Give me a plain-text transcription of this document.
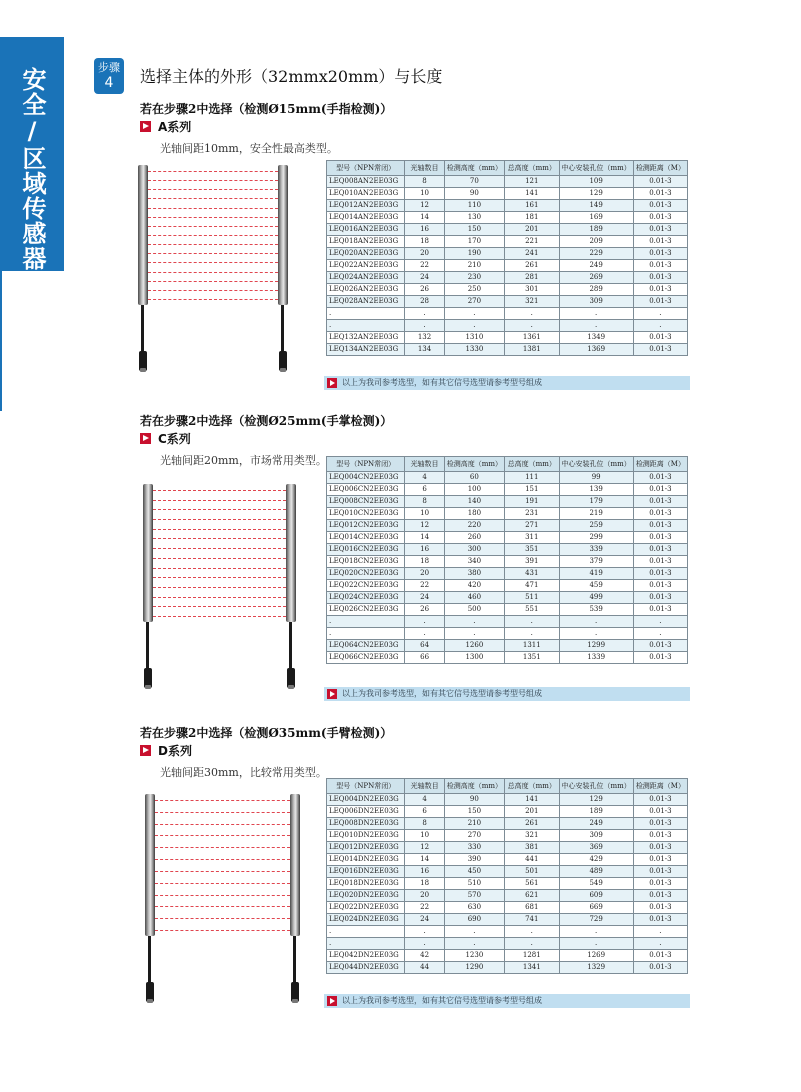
安全/区域传感器	步骤
4	选择主体的外形（32mmx20mm）与长度
若在步骤2中选择（检测Ø15mm(手指检测)）
A系列
光轴间距10mm，安全性最高类型。
型号（NPN常闭）	光轴数目	检测高度（mm）	总高度（mm）	中心安装孔位（mm）	检测距离（M）
LEQ008AN2EE03G	8	70	121	109	0.01-3
LEQ010AN2EE03G	10	90	141	129	0.01-3
LEQ012AN2EE03G	12	110	161	149	0.01-3
LEQ014AN2EE03G	14	130	181	169	0.01-3
LEQ016AN2EE03G	16	150	201	189	0.01-3
LEQ018AN2EE03G	18	170	221	209	0.01-3
LEQ020AN2EE03G	20	190	241	229	0.01-3
LEQ022AN2EE03G	22	210	261	249	0.01-3
LEQ024AN2EE03G	24	230	281	269	0.01-3
LEQ026AN2EE03G	26	250	301	289	0.01-3
LEQ028AN2EE03G	28	270	321	309	0.01-3
.	.	.	.	.	.
.	.	.	.	.	.
LEQ132AN2EE03G	132	1310	1361	1349	0.01-3
LEQ134AN2EE03G	134	1330	1381	1369	0.01-3
以上为我司参考选型，如有其它信号选型请参考型号组成
若在步骤2中选择（检测Ø25mm(手掌检测)）
C系列
光轴间距20mm，市场常用类型。 型号（NPN常闭）	光轴数目	检测高度（mm）	总高度（mm）	中心安装孔位（mm）	检测距离（M）
LEQ004CN2EE03G	4	60	111	99	0.01-3
LEQ006CN2EE03G	6	100	151	139	0.01-3
LEQ008CN2EE03G	8	140	191	179	0.01-3
LEQ010CN2EE03G	10	180	231	219	0.01-3
LEQ012CN2EE03G	12	220	271	259	0.01-3
LEQ014CN2EE03G	14	260	311	299	0.01-3
LEQ016CN2EE03G	16	300	351	339	0.01-3
LEQ018CN2EE03G	18	340	391	379	0.01-3
LEQ020CN2EE03G	20	380	431	419	0.01-3
LEQ022CN2EE03G	22	420	471	459	0.01-3
LEQ024CN2EE03G	24	460	511	499	0.01-3
LEQ026CN2EE03G	26	500	551	539	0.01-3
.	.	.	.	.	.
.	.	.	.	.	.
LEQ064CN2EE03G	64	1260	1311	1299	0.01-3
LEQ066CN2EE03G	66	1300	1351	1339	0.01-3
以上为我司参考选型，如有其它信号选型请参考型号组成
若在步骤2中选择（检测Ø35mm(手臂检测)）
D系列
光轴间距30mm，比较常用类型。
型号（NPN常闭）	光轴数目	检测高度（mm）	总高度（mm）	中心安装孔位（mm）	检测距离（M）
LEQ004DN2EE03G	4	90	141	129	0.01-3
LEQ006DN2EE03G	6	150	201	189	0.01-3
LEQ008DN2EE03G	8	210	261	249	0.01-3
LEQ010DN2EE03G	10	270	321	309	0.01-3
LEQ012DN2EE03G	12	330	381	369	0.01-3
LEQ014DN2EE03G	14	390	441	429	0.01-3
LEQ016DN2EE03G	16	450	501	489	0.01-3
LEQ018DN2EE03G	18	510	561	549	0.01-3
LEQ020DN2EE03G	20	570	621	609	0.01-3
LEQ022DN2EE03G	22	630	681	669	0.01-3
LEQ024DN2EE03G	24	690	741	729	0.01-3
.	.	.	.	.	.
.	.	.	.	.	.
LEQ042DN2EE03G	42	1230	1281	1269	0.01-3
LEQ044DN2EE03G	44	1290	1341	1329	0.01-3
以上为我司参考选型，如有其它信号选型请参考型号组成
